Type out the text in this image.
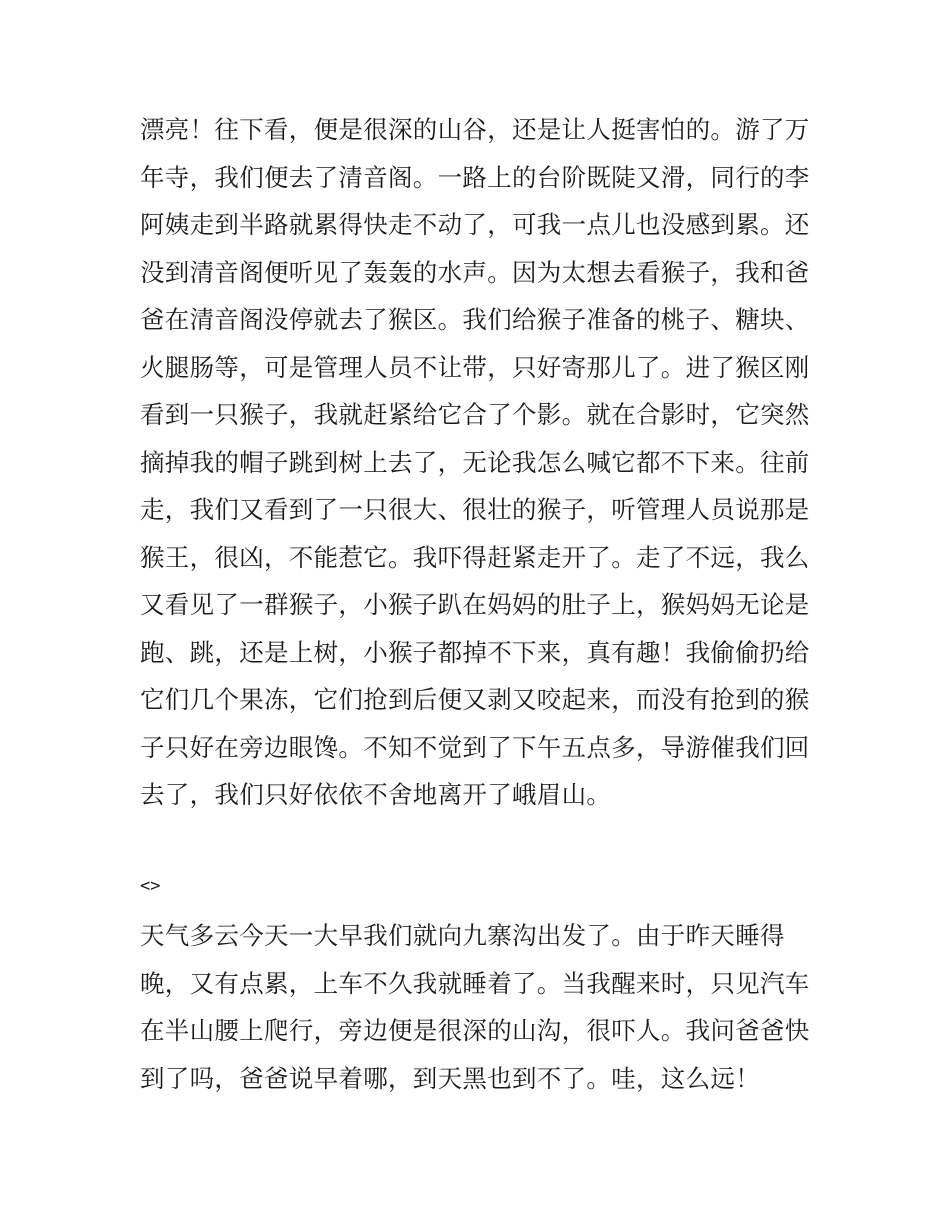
漂亮！往下看，便是很深的山谷，还是让人挺害怕的。游了万
年寺，我们便去了清音阁。一路上的台阶既陡又滑，同行的李
阿姨走到半路就累得快走不动了，可我一点儿也没感到累。还
没到清音阁便听见了轰轰的水声。因为太想去看猴子，我和爸
爸在清音阁没停就去了猴区。我们给猴子准备的桃子、糖块、
火腿肠等，可是管理人员不让带，只好寄那儿了。进了猴区刚
看到一只猴子，我就赶紧给它合了个影。就在合影时，它突然
摘掉我的帽子跳到树上去了，无论我怎么喊它都不下来。往前
走，我们又看到了一只很大、很壮的猴子，听管理人员说那是
猴王，很凶，不能惹它。我吓得赶紧走开了。走了不远，我么
又看见了一群猴子，小猴子趴在妈妈的肚子上，猴妈妈无论是
跑、跳，还是上树，小猴子都掉不下来，真有趣！我偷偷扔给
它们几个果冻，它们抢到后便又剥又咬起来，而没有抢到的猴
子只好在旁边眼馋。不知不觉到了下午五点多，导游催我们回
去了，我们只好依依不舍地离开了峨眉山。
<>
天气多云今天一大早我们就向九寨沟出发了。由于昨天睡得
晚，又有点累，上车不久我就睡着了。当我醒来时，只见汽车
在半山腰上爬行，旁边便是很深的山沟，很吓人。我问爸爸快
到了吗，爸爸说早着哪，到天黑也到不了。哇，这么远！
